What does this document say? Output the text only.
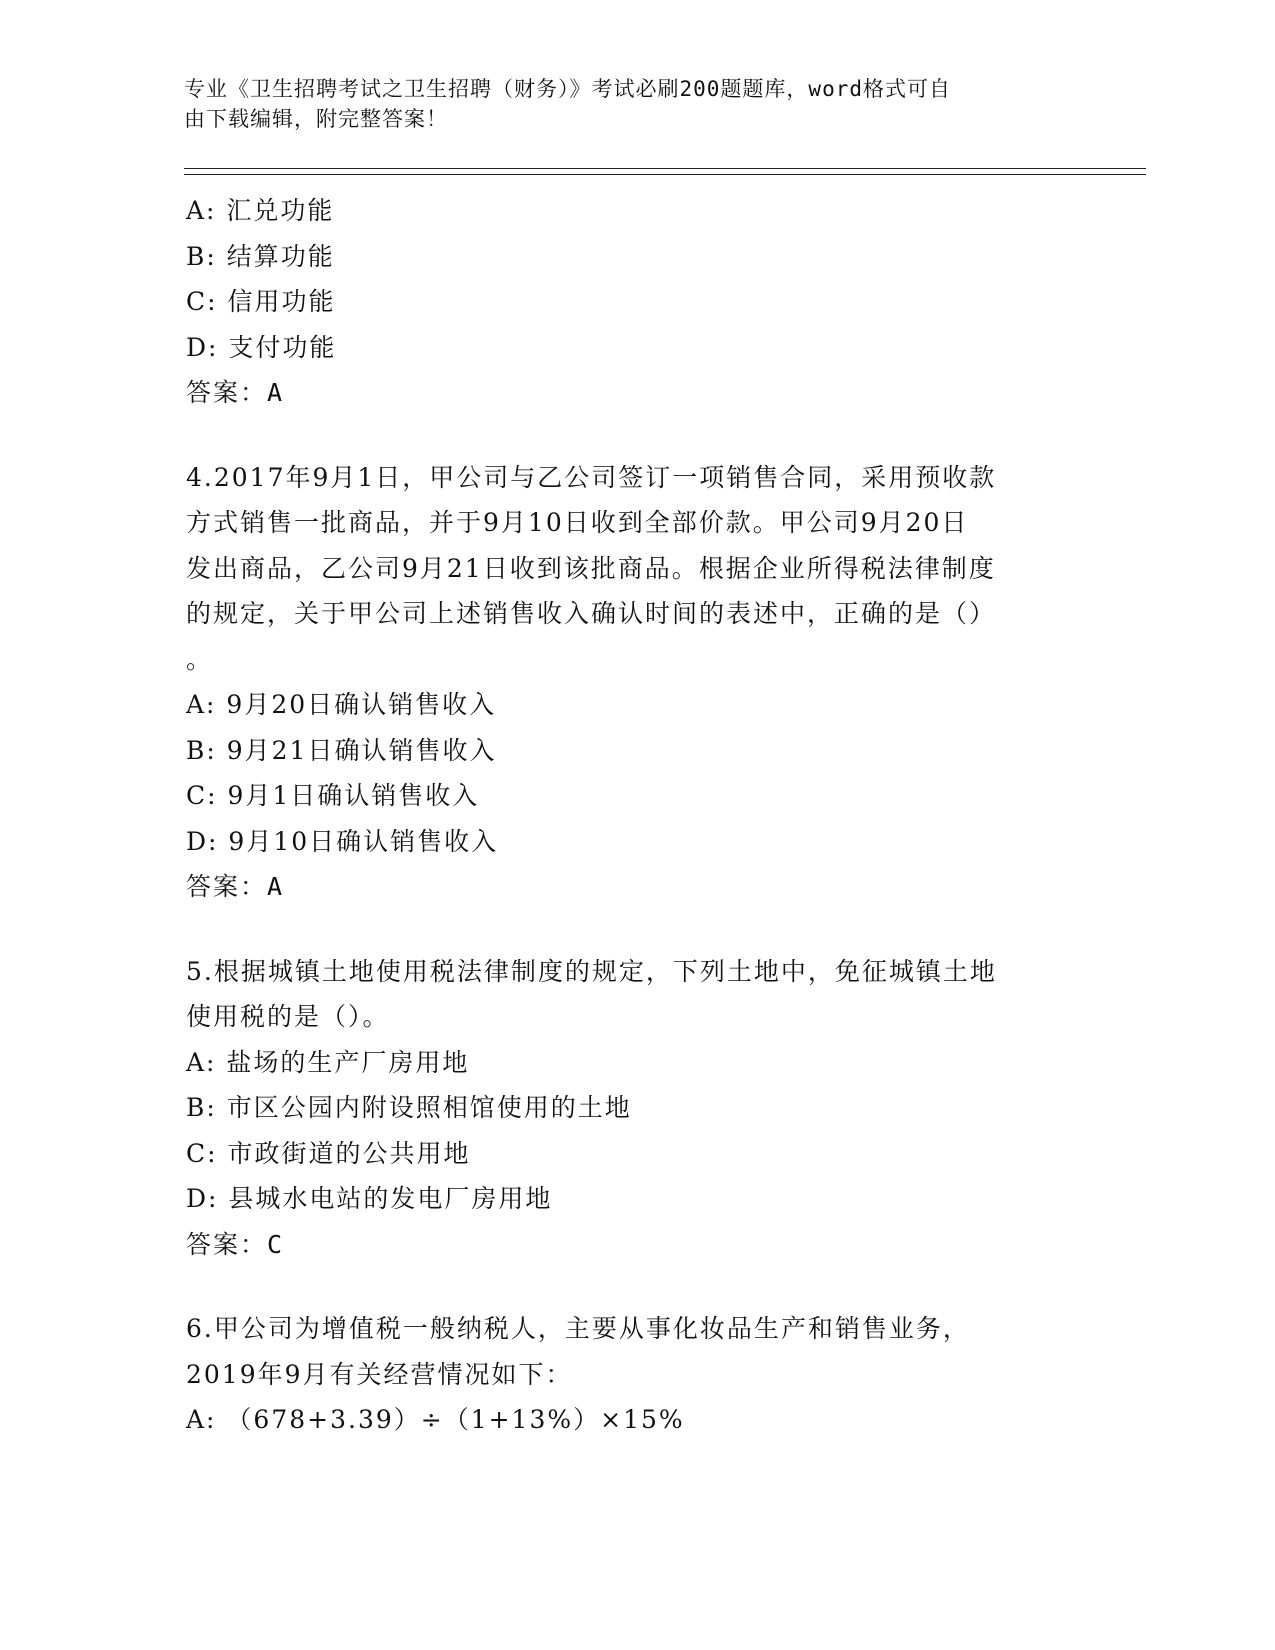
专业《卫生招聘考试之卫生招聘（财务）》考试必刷200题题库，word格式可自
由下载编辑，附完整答案！
A: 汇兑功能
B: 结算功能
C: 信用功能
D: 支付功能
答案：A
4.2017年9月1日，甲公司与乙公司签订一项销售合同，采用预收款
方式销售一批商品，并于9月10日收到全部价款。甲公司9月20日
发出商品，乙公司9月21日收到该批商品。根据企业所得税法律制度
的规定，关于甲公司上述销售收入确认时间的表述中，正确的是（）
。
A: 9月20日确认销售收入
B: 9月21日确认销售收入
C: 9月1日确认销售收入
D: 9月10日确认销售收入
答案：A
5.根据城镇土地使用税法律制度的规定，下列土地中，免征城镇土地
使用税的是（）。
A: 盐场的生产厂房用地
B: 市区公园内附设照相馆使用的土地
C: 市政街道的公共用地
D: 县城水电站的发电厂房用地
答案：C
6.甲公司为增值税一般纳税人，主要从事化妆品生产和销售业务，
2019年9月有关经营情况如下：
A: （678+3.39）÷（1+13%）×15%
